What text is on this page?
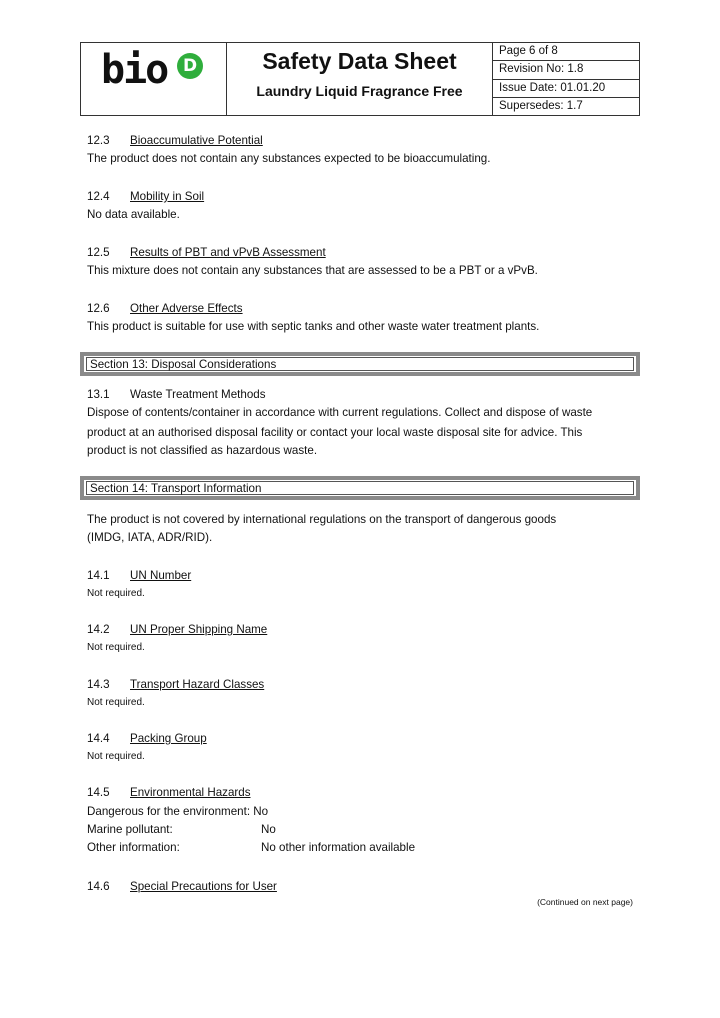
bio D	Safety Data Sheet
Laundry Liquid Fragrance Free
Page 6 of 8
Revision No: 1.8
Issue Date: 01.01.20
Supersedes: 1.7
12.3 Bioaccumulative Potential
The product does not contain any substances expected to be bioaccumulating.
12.4 Mobility in Soil
No data available.
12.5 Results of PBT and vPvB Assessment
This mixture does not contain any substances that are assessed to be a PBT or a vPvB.
12.6 Other Adverse Effects
This product is suitable for use with septic tanks and other waste water treatment plants.
Section 13: Disposal Considerations
13.1 Waste Treatment Methods
Dispose of contents/container in accordance with current regulations. Collect and dispose of waste
product at an authorised disposal facility or contact your local waste disposal site for advice. This
product is not classified as hazardous waste.
Section 14: Transport Information
The product is not covered by international regulations on the transport of dangerous goods
(IMDG, IATA, ADR/RID).
14.1 UN Number
Not required.
14.2 UN Proper Shipping Name
Not required.
14.3 Transport Hazard Classes
Not required.
14.4 Packing Group
Not required.
14.5 Environmental Hazards
Dangerous for the environment: No
Marine pollutant:	No
Other information:	No other information available
14.6 Special Precautions for User
(Continued on next page)
